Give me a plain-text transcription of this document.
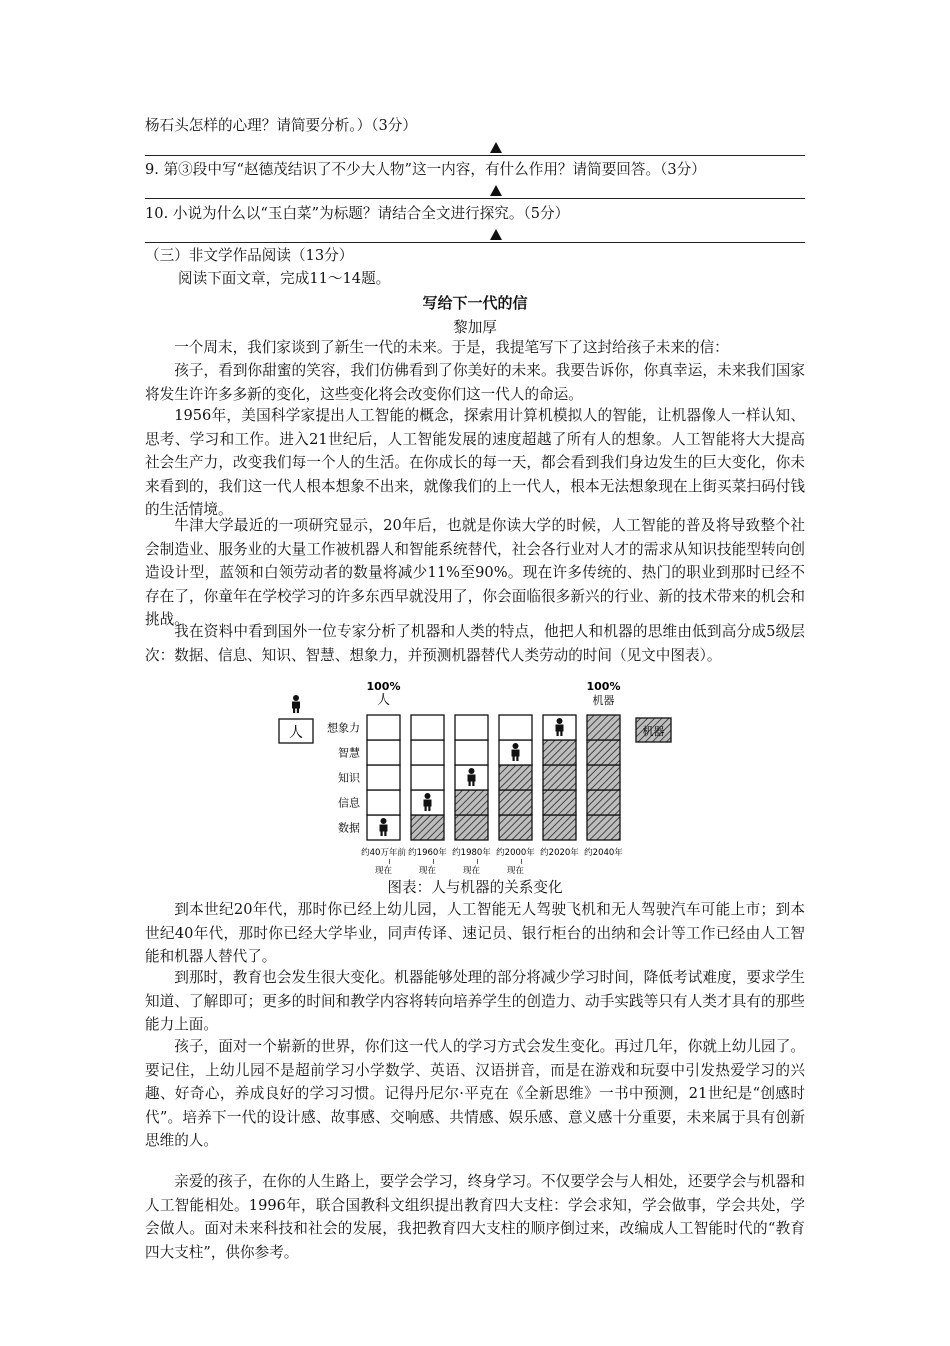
杨石头怎样的心理？请简要分析。）（3分）
9. 第③段中写“赵德茂结识了不少大人物”这一内容，有什么作用？请简要回答。（3分）
10. 小说为什么以“玉白菜”为标题？请结合全文进行探究。（5分）
（三）非文学作品阅读（13分）
阅读下面文章，完成11～14题。
写给下一代的信
黎加厚
一个周末，我们家谈到了新生一代的未来。于是，我提笔写下了这封给孩子未来的信：
孩子，看到你甜蜜的笑容，我们仿佛看到了你美好的未来。我要告诉你，你真幸运，未来我们国家将发生许许多多新的变化，这些变化将会改变你们这一代人的命运。
1956年，美国科学家提出人工智能的概念，探索用计算机模拟人的智能，让机器像人一样认知、思考、学习和工作。进入21世纪后，人工智能发展的速度超越了所有人的想象。人工智能将大大提高社会生产力，改变我们每一个人的生活。在你成长的每一天，都会看到我们身边发生的巨大变化，你未来看到的，我们这一代人根本想象不出来，就像我们的上一代人，根本无法想象现在上街买菜扫码付钱的生活情境。
牛津大学最近的一项研究显示，20年后，也就是你读大学的时候，人工智能的普及将导致整个社会制造业、服务业的大量工作被机器人和智能系统替代，社会各行业对人才的需求从知识技能型转向创造设计型，蓝领和白领劳动者的数量将减少11%至90%。现在许多传统的、热门的职业到那时已经不存在了，你童年在学校学习的许多东西早就没用了，你会面临很多新兴的行业、新的技术带来的机会和挑战。
我在资料中看到国外一位专家分析了机器和人类的特点，他把人和机器的思维由低到高分成5级层次：数据、信息、知识、智慧、想象力，并预测机器替代人类劳动的时间（见文中图表）。
人	机器
数据
信息
知识
智慧
想象力
100%
人
100%
机器
约40万年前
≀
现在
约1960年
≀
现在
约1980年
≀
现在
约2000年
≀
现在
约2020年 约2040年
图表：人与机器的关系变化
到本世纪20年代，那时你已经上幼儿园，人工智能无人驾驶飞机和无人驾驶汽车可能上市；到本世纪40年代，那时你已经大学毕业，同声传译、速记员、银行柜台的出纳和会计等工作已经由人工智能和机器人替代了。
到那时，教育也会发生很大变化。机器能够处理的部分将减少学习时间，降低考试难度，要求学生知道、了解即可；更多的时间和教学内容将转向培养学生的创造力、动手实践等只有人类才具有的那些能力上面。
孩子，面对一个崭新的世界，你们这一代人的学习方式会发生变化。再过几年，你就上幼儿园了。要记住，上幼儿园不是超前学习小学数学、英语、汉语拼音，而是在游戏和玩耍中引发热爱学习的兴趣、好奇心，养成良好的学习习惯。记得丹尼尔·平克在《全新思维》一书中预测，21世纪是“创感时代”。培养下一代的设计感、故事感、交响感、共情感、娱乐感、意义感十分重要，未来属于具有创新思维的人。
亲爱的孩子，在你的人生路上，要学会学习，终身学习。不仅要学会与人相处，还要学会与机器和人工智能相处。1996年，联合国教科文组织提出教育四大支柱：学会求知，学会做事，学会共处，学会做人。面对未来科技和社会的发展，我把教育四大支柱的顺序倒过来，改编成人工智能时代的“教育四大支柱”，供你参考。
